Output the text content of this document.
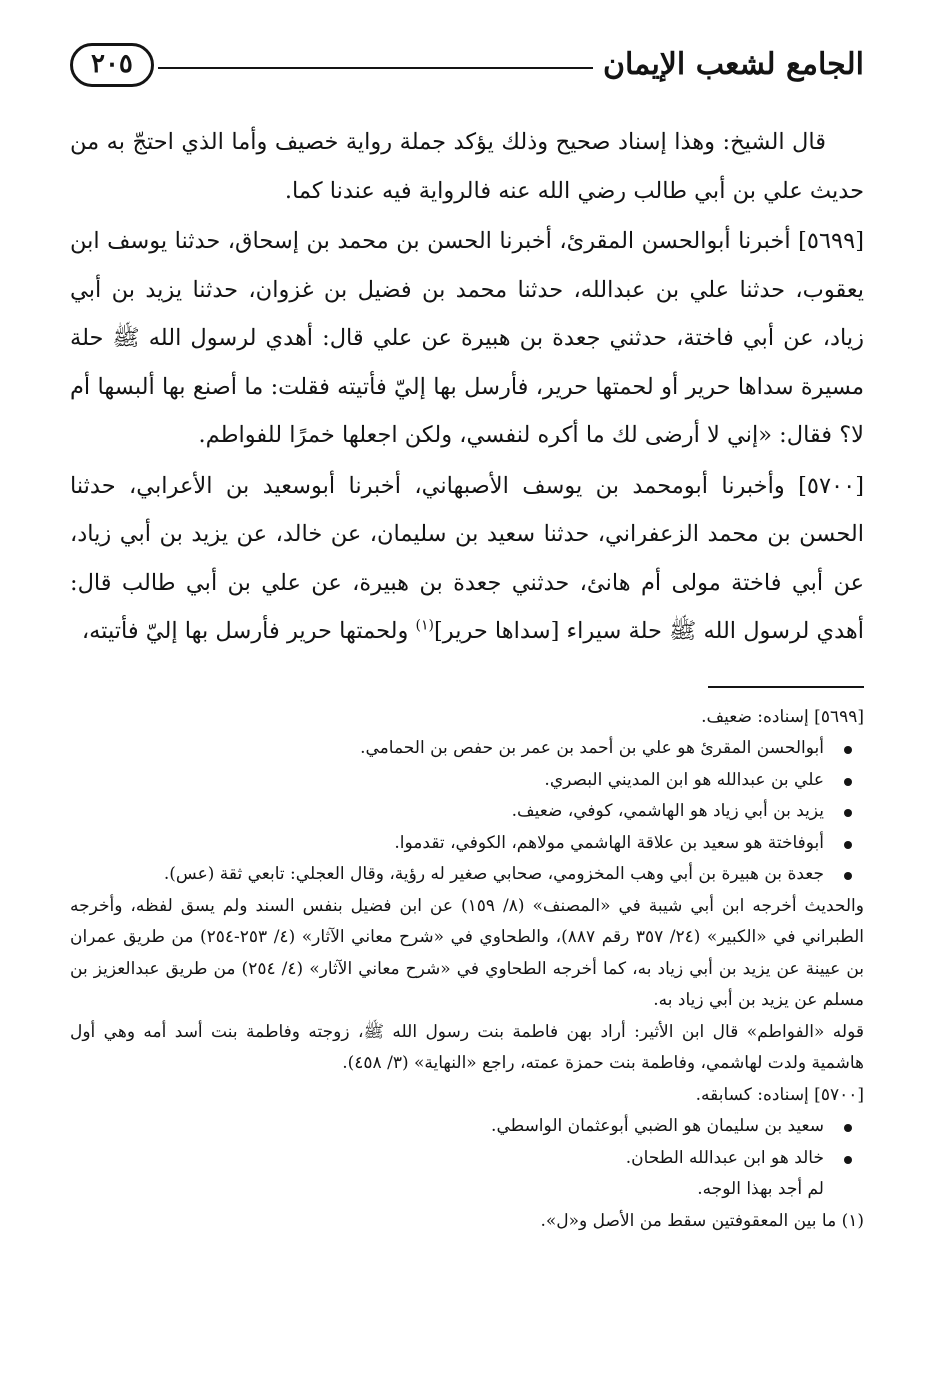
الجامع لشعب الإيمان
٢٠٥

قال الشيخ: وهذا إسناد صحيح وذلك يؤكد جملة رواية خصيف وأما الذي احتجّ به من حديث علي بن أبي طالب رضي الله عنه فالرواية فيه عندنا كما.

[٥٦٩٩] أخبرنا أبوالحسن المقرئ، أخبرنا الحسن بن محمد بن إسحاق، حدثنا يوسف ابن يعقوب، حدثنا علي بن عبدالله، حدثنا محمد بن فضيل بن غزوان، حدثنا يزيد بن أبي زياد، عن أبي فاختة، حدثني جعدة بن هبيرة عن علي قال: أهدي لرسول الله ﷺ حلة مسيرة سداها حرير أو لحمتها حرير، فأرسل بها إليّ فأتيته فقلت: ما أصنع بها ألبسها أم لا؟ فقال: «إني لا أرضى لك ما أكره لنفسي، ولكن اجعلها خمرًا للفواطم.

[٥٧٠٠] وأخبرنا أبومحمد بن يوسف الأصبهاني، أخبرنا أبوسعيد بن الأعرابي، حدثنا الحسن بن محمد الزعفراني، حدثنا سعيد بن سليمان، عن خالد، عن يزيد بن أبي زياد، عن أبي فاختة مولى أم هانئ، حدثني جعدة بن هبيرة، عن علي بن أبي طالب قال: أهدي لرسول الله ﷺ حلة سيراء [سداها حرير]$^{(١)}$ ولحمتها حرير فأرسل بها إليّ فأتيته،

[٥٦٩٩] إسناده: ضعيف.

أبوالحسن المقرئ هو علي بن أحمد بن عمر بن حفص بن الحمامي.
علي بن عبدالله هو ابن المديني البصري.
يزيد بن أبي زياد هو الهاشمي، كوفي، ضعيف.
أبوفاختة هو سعيد بن علاقة الهاشمي مولاهم، الكوفي، تقدموا.
جعدة بن هبيرة بن أبي وهب المخزومي، صحابي صغير له رؤية، وقال العجلي: تابعي ثقة (عس).

والحديث أخرجه ابن أبي شيبة في «المصنف» (٨/ ١٥٩) عن ابن فضيل بنفس السند ولم يسق لفظه، وأخرجه الطبراني في «الكبير» (٢٤/ ٣٥٧ رقم ٨٨٧)، والطحاوي في «شرح معاني الآثار» (٤/ ٢٥٣-٢٥٤) من طريق عمران بن عيينة عن يزيد بن أبي زياد به، كما أخرجه الطحاوي في «شرح معاني الآثار» (٤/ ٢٥٤) من طريق عبدالعزيز بن مسلم عن يزيد بن أبي زياد به.

قوله «الفواطم» قال ابن الأثير: أراد بهن فاطمة بنت رسول الله ﷺ، زوجته وفاطمة بنت أسد أمه وهي أول هاشمية ولدت لهاشمي، وفاطمة بنت حمزة عمته، راجع «النهاية» (٣/ ٤٥٨).

[٥٧٠٠] إسناده: كسابقه.

سعيد بن سليمان هو الضبي أبوعثمان الواسطي.
خالد هو ابن عبدالله الطحان.

لم أجد بهذا الوجه.

(١) ما بين المعقوفتين سقط من الأصل و«ل».
